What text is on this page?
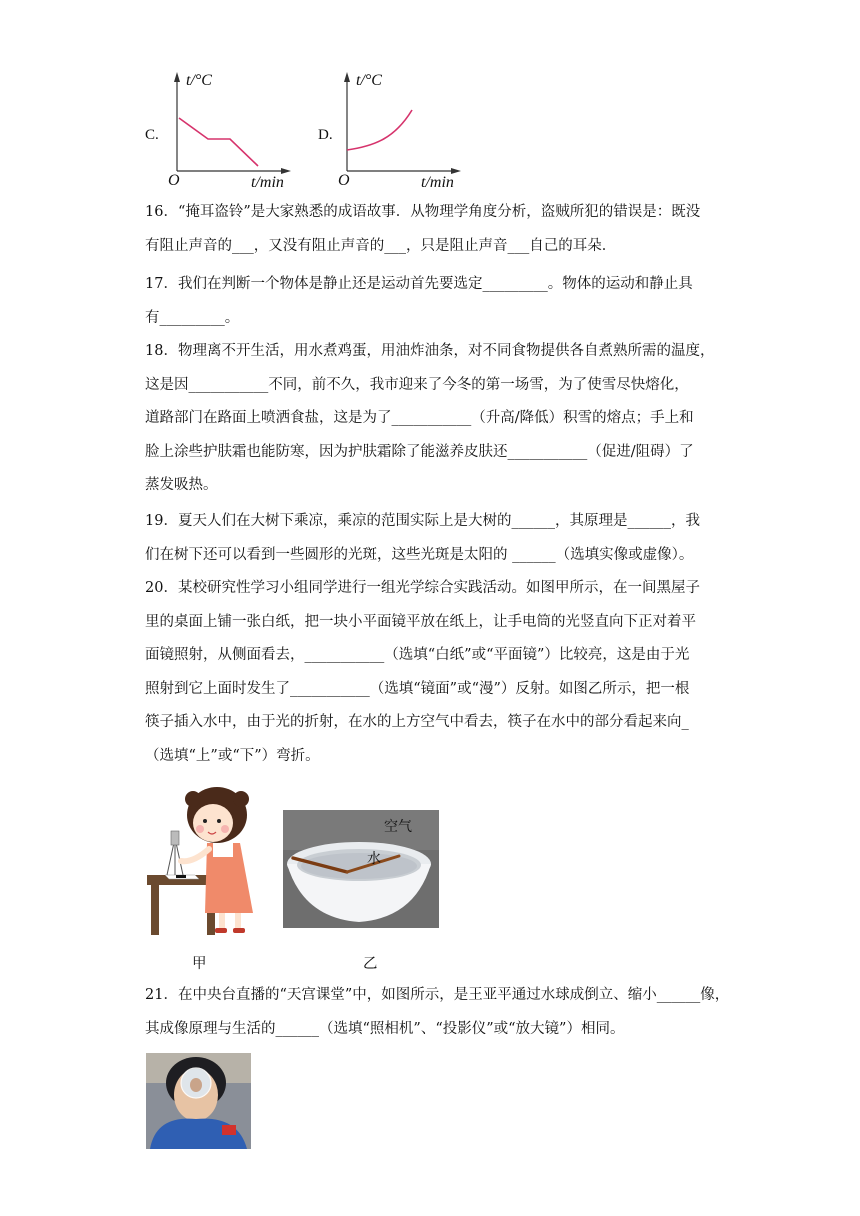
C.
t/°C
O	t/min
D.
t/°C
O	t/min
16．“掩耳盗铃”是大家熟悉的成语故事．从物理学角度分析，盗贼所犯的错误是：既没
有阻止声音的___，又没有阻止声音的___，只是阻止声音___自己的耳朵．
17．我们在判断一个物体是静止还是运动首先要选定_________。物体的运动和静止具
有_________。
18．物理离不开生活，用水煮鸡蛋，用油炸油条，对不同食物提供各自煮熟所需的温度，
这是因___________不同，前不久，我市迎来了今冬的第一场雪，为了使雪尽快熔化，
道路部门在路面上喷洒食盐，这是为了___________（升高/降低）积雪的熔点；手上和
脸上涂些护肤霜也能防寒，因为护肤霜除了能滋养皮肤还___________（促进/阻碍）了
蒸发吸热。
19．夏天人们在大树下乘凉，乘凉的范围实际上是大树的______，其原理是______，我
们在树下还可以看到一些圆形的光斑，这些光斑是太阳的 ______（选填实像或虚像）。
20．某校研究性学习小组同学进行一组光学综合实践活动。如图甲所示，在一间黑屋子
里的桌面上铺一张白纸，把一块小平面镜平放在纸上，让手电筒的光竖直向下正对着平
面镜照射，从侧面看去，___________（选填“白纸”或“平面镜”）比较亮，这是由于光
照射到它上面时发生了___________（选填“镜面”或“漫”）反射。如图乙所示，把一根
筷子插入水中，由于光的折射，在水的上方空气中看去，筷子在水中的部分看起来向_
（选填“上”或“下”）弯折。
空气
水
甲	乙
21．在中央台直播的“天宫课堂”中，如图所示，是王亚平通过水球成倒立、缩小______像，
其成像原理与生活的______（选填“照相机”、“投影仪”或“放大镜”）相同。
